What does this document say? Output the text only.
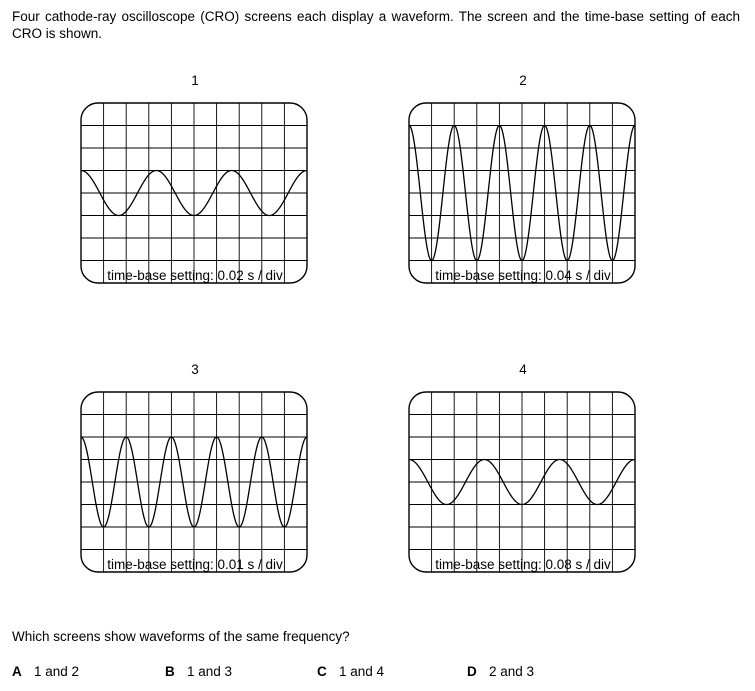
Four cathode-ray oscilloscope (CRO) screens each display a waveform. The screen and the time-base setting of each CRO is shown.
1
time-base setting: 0.02 s / div
2
time-base setting: 0.04 s / div
3
time-base setting: 0.01 s / div
4
time-base setting: 0.08 s / div
Which screens show waveforms of the same frequency?
A 1 and 2	B 1 and 3	C 1 and 4	D 2 and 3
